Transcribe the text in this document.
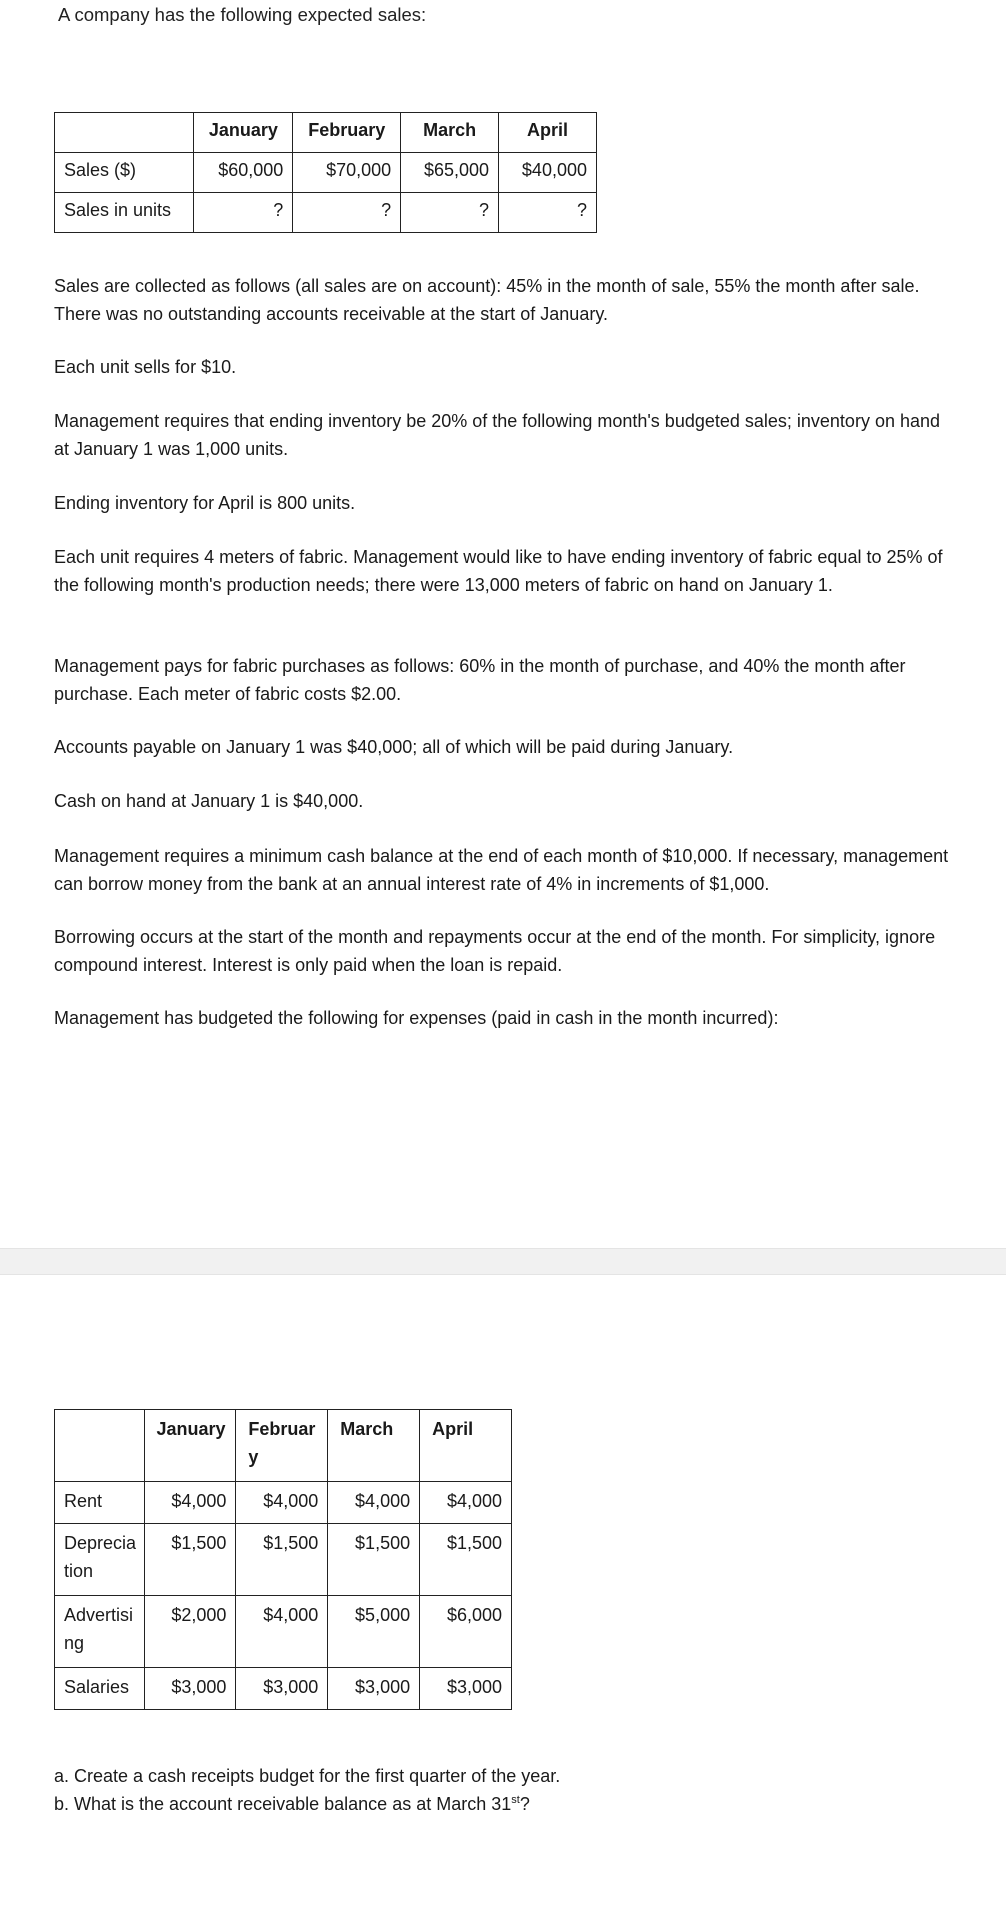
A company has the following expected sales:
	January	February	March	April
Sales ($)	$60,000	$70,000	$65,000	$40,000
Sales in units	?	?	?	?

Sales are collected as follows (all sales are on account): 45% in the month of sale, 55% the month after sale. There was no outstanding accounts receivable at the start of January.

Each unit sells for $10.

Management requires that ending inventory be 20% of the following month's budgeted sales; inventory on hand at January 1 was 1,000 units.

Ending inventory for April is 800 units.

Each unit requires 4 meters of fabric. Management would like to have ending inventory of fabric equal to 25% of the following month's production needs; there were 13,000 meters of fabric on hand on January 1.

Management pays for fabric purchases as follows: 60% in the month of purchase, and 40% the month after purchase. Each meter of fabric costs $2.00.

Accounts payable on January 1 was $40,000; all of which will be paid during January.

Cash on hand at January 1 is $40,000.

Management requires a minimum cash balance at the end of each month of $10,000. If necessary, management can borrow money from the bank at an annual interest rate of 4% in increments of $1,000.

Borrowing occurs at the start of the month and repayments occur at the end of the month. For simplicity, ignore compound interest. Interest is only paid when the loan is repaid.

Management has budgeted the following for expenses (paid in cash in the month incurred):

	January	February	March	April
Rent	$4,000	$4,000	$4,000	$4,000
Depreciation	$1,500	$1,500	$1,500	$1,500
Advertising	$2,000	$4,000	$5,000	$6,000
Salaries	$3,000	$3,000	$3,000	$3,000
a. Create a cash receipts budget for the first quarter of the year.
b. What is the account receivable balance as at March 31st?
